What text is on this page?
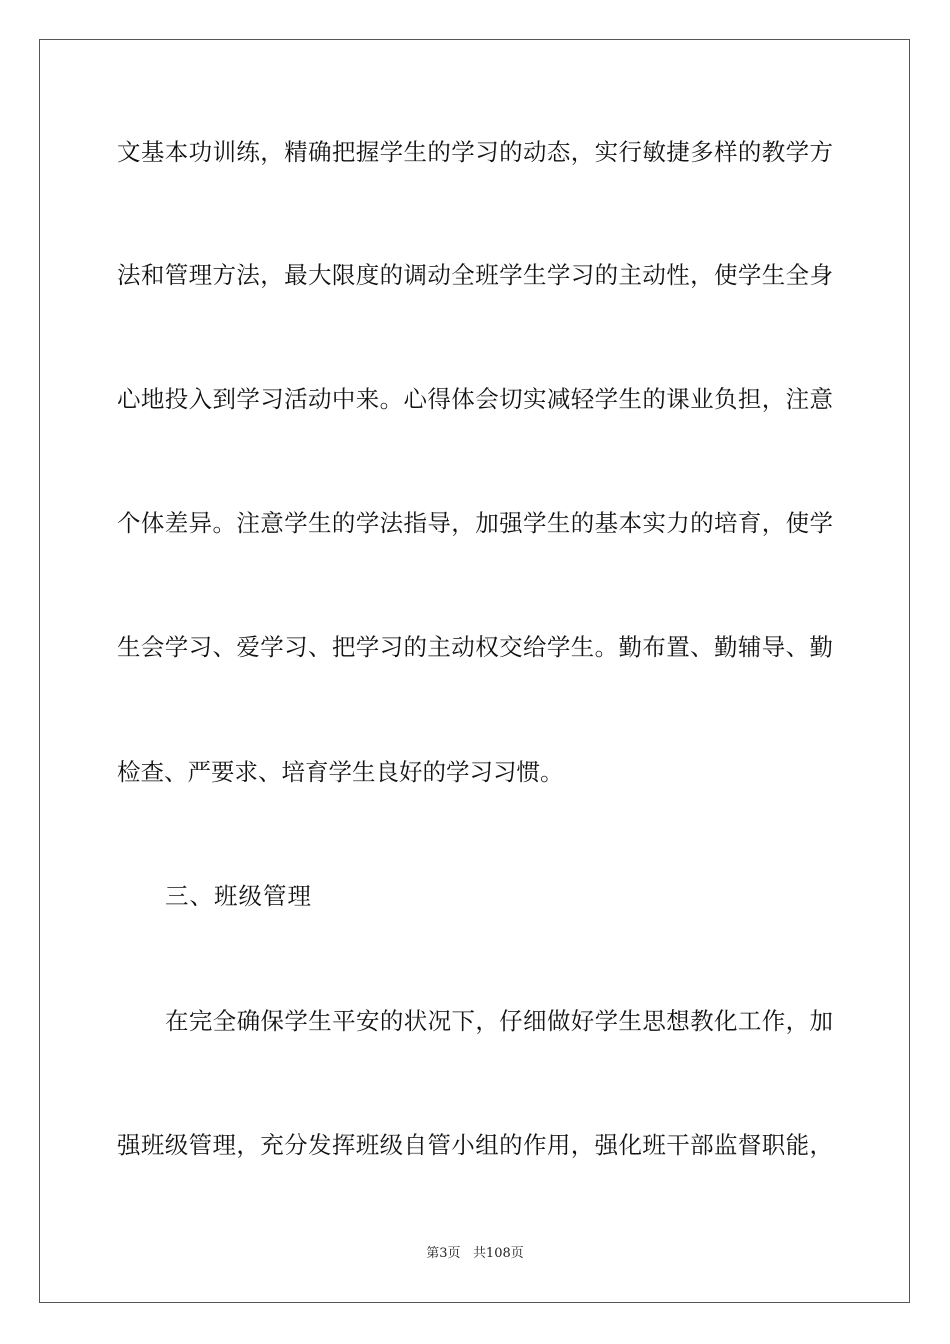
文基本功训练，精确把握学生的学习的动态，实行敏捷多样的教学方
法和管理方法，最大限度的调动全班学生学习的主动性，使学生全身
心地投入到学习活动中来。心得体会切实减轻学生的课业负担，注意
个体差异。注意学生的学法指导，加强学生的基本实力的培育，使学
生会学习、爱学习、把学习的主动权交给学生。勤布置、勤辅导、勤
检查、严要求、培育学生良好的学习习惯。
三、班级管理
在完全确保学生平安的状况下，仔细做好学生思想教化工作，加
强班级管理，充分发挥班级自管小组的作用，强化班干部监督职能，
第3页 共108页
